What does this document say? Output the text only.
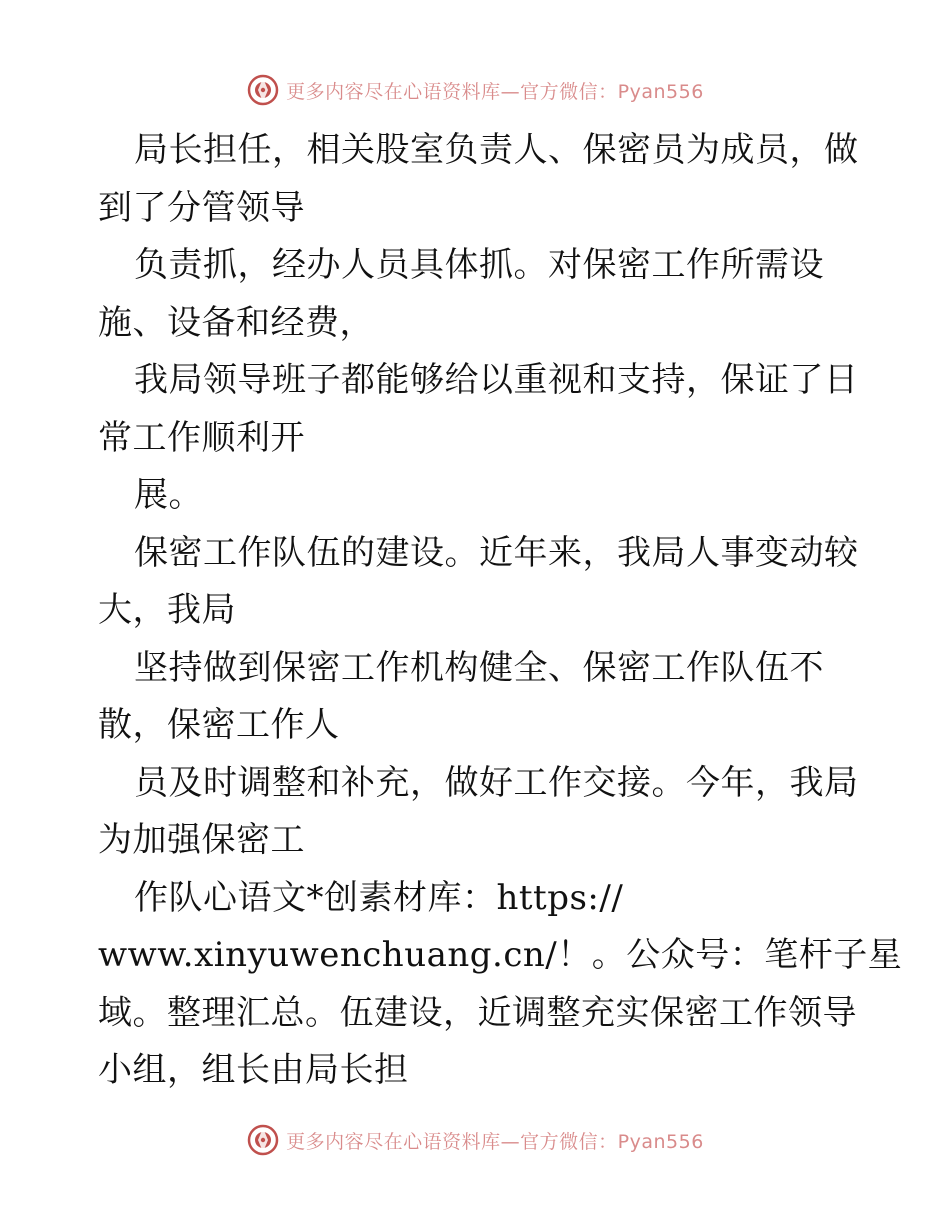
更多内容尽在心语资料库—官方微信：Pyan556
局长担任，相关股室负责人、保密员为成员，做
到了分管领导
负责抓，经办人员具体抓。对保密工作所需设
施、设备和经费，
我局领导班子都能够给以重视和支持，保证了日
常工作顺利开
展。
保密工作队伍的建设。近年来，我局人事变动较
大，我局
坚持做到保密工作机构健全、保密工作队伍不
散，保密工作人
员及时调整和补充，做好工作交接。今年，我局
为加强保密工
作队心语文*创素材库：https://
www.xinyuwenchuang.cn/！。公众号：笔杆子星
域。整理汇总。伍建设，近调整充实保密工作领导
小组，组长由局长担
更多内容尽在心语资料库—官方微信：Pyan556
